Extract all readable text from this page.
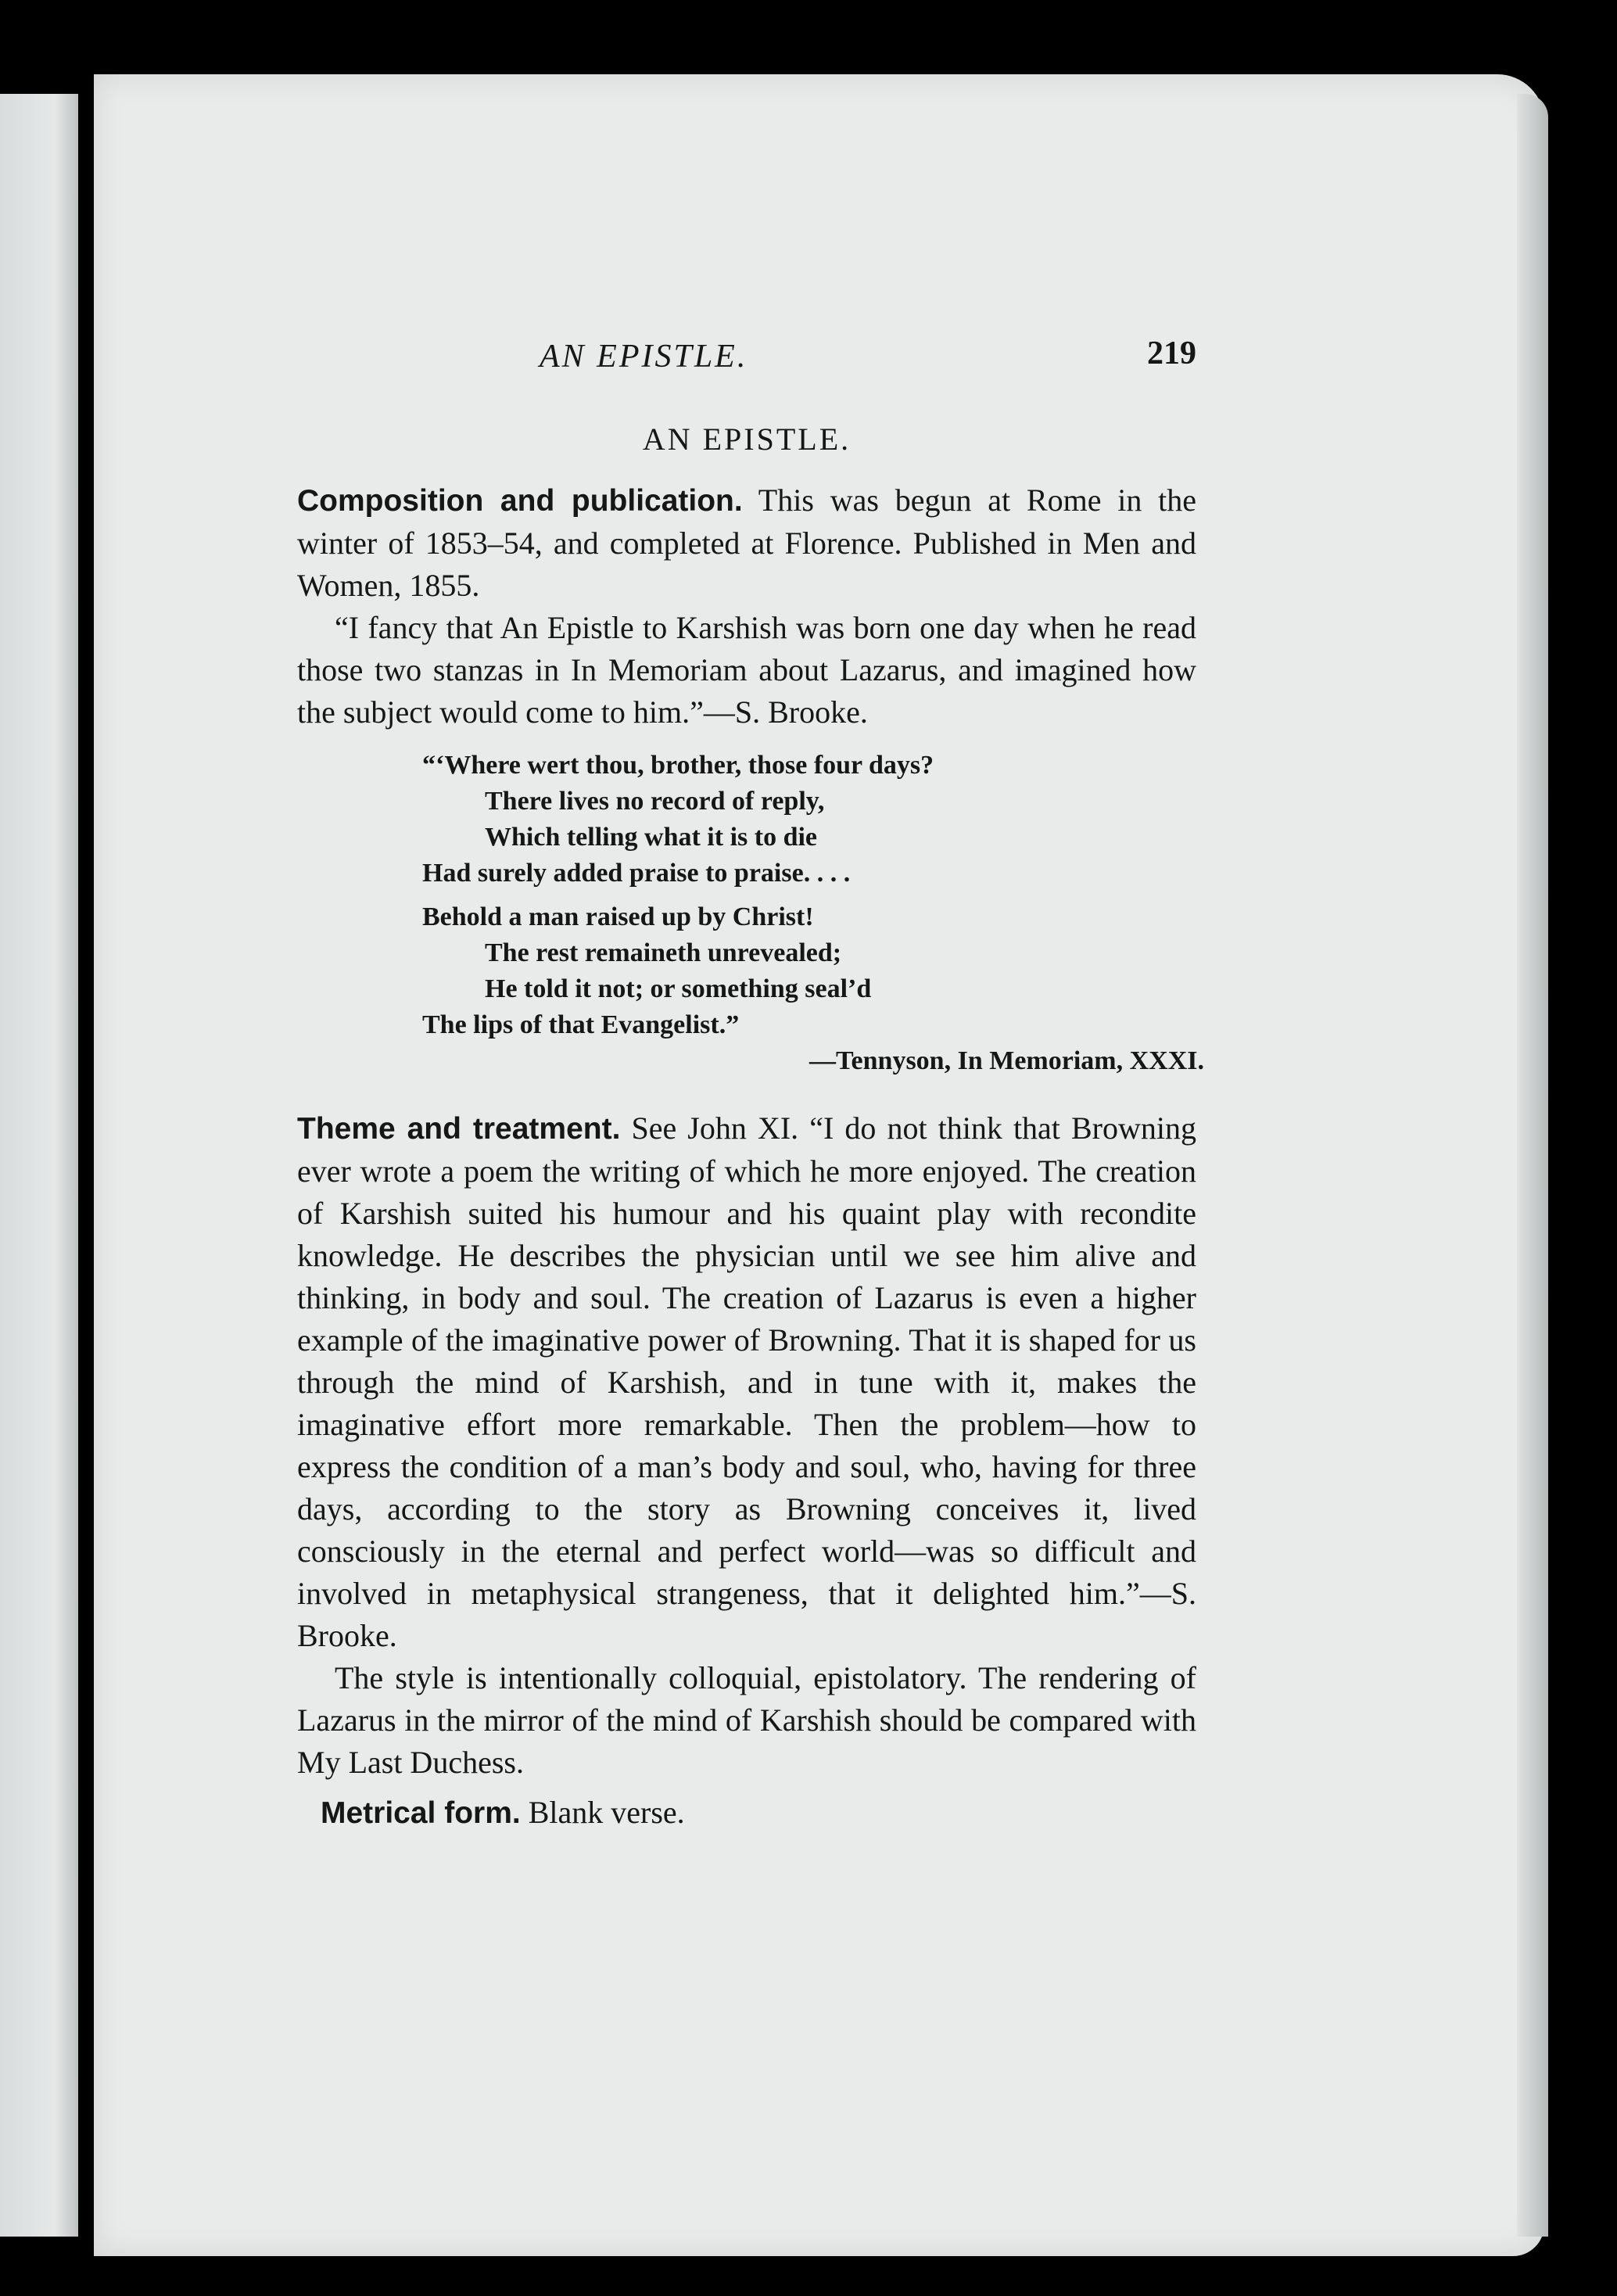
AN EPISTLE.	219
AN EPISTLE.

Composition and publication. This was begun at Rome in the winter of 1853–54, and completed at Florence. Published in Men and Women, 1855.

“I fancy that An Epistle to Karshish was born one day when he read those two stanzas in In Memoriam about Lazarus, and imagined how the subject would come to him.”—S. Brooke.

“‘Where wert thou, brother, those four days?
There lives no record of reply,
Which telling what it is to die
Had surely added praise to praise. . . .
Behold a man raised up by Christ!
The rest remaineth unrevealed;
He told it not; or something seal’d
The lips of that Evangelist.”
—Tennyson, In Memoriam, XXXI.

Theme and treatment. See John XI. “I do not think that Browning ever wrote a poem the writing of which he more enjoyed. The creation of Karshish suited his humour and his quaint play with recondite knowledge. He describes the physician until we see him alive and thinking, in body and soul. The creation of Lazarus is even a higher example of the imaginative power of Browning. That it is shaped for us through the mind of Karshish, and in tune with it, makes the imaginative effort more remarkable. Then the problem—how to express the condition of a man’s body and soul, who, having for three days, according to the story as Browning conceives it, lived consciously in the eternal and perfect world—was so difficult and involved in metaphysical strangeness, that it delighted him.”—S. Brooke.

The style is intentionally colloquial, epistolatory. The rendering of Lazarus in the mirror of the mind of Karshish should be compared with My Last Duchess.

Metrical form. Blank verse.
